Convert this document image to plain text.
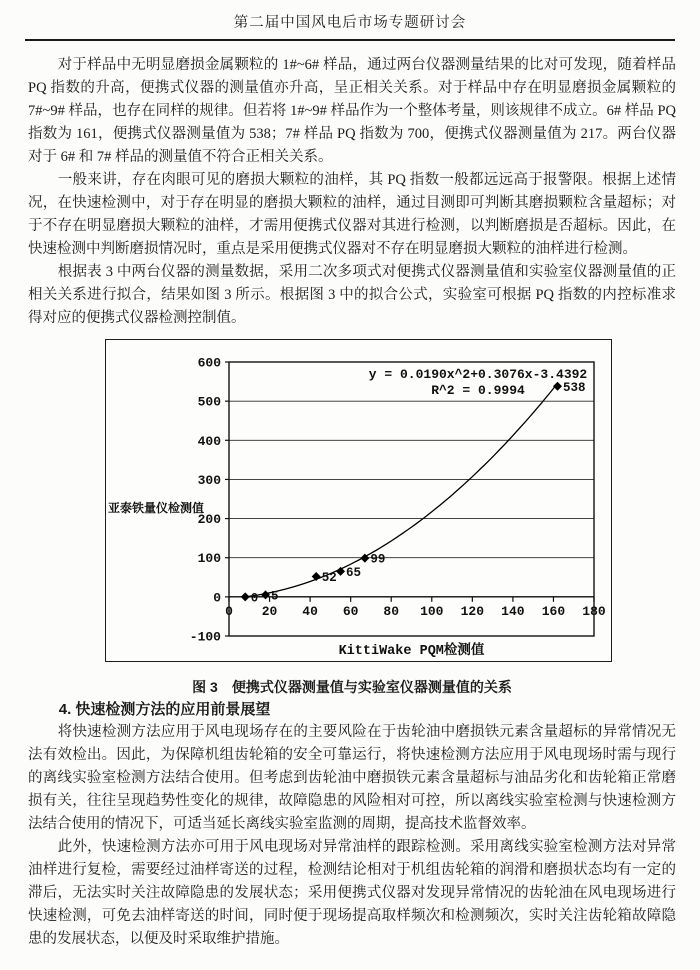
第二届中国风电后市场专题研讨会

对于样品中无明显磨损金属颗粒的 1#~6# 样品，通过两台仪器测量结果的比对可发现，随着样品 PQ 指数的升高，便携式仪器的测量值亦升高，呈正相关关系。对于样品中存在明显磨损金属颗粒的 7#~9# 样品，也存在同样的规律。但若将 1#~9# 样品作为一个整体考量，则该规律不成立。6# 样品 PQ 指数为 161，便携式仪器测量值为 538；7# 样品 PQ 指数为 700，便携式仪器测量值为 217。两台仪器对于 6# 和 7# 样品的测量值不符合正相关关系。

一般来讲，存在肉眼可见的磨损大颗粒的油样，其 PQ 指数一般都远远高于报警限。根据上述情况，在快速检测中，对于存在明显的磨损大颗粒的油样，通过目测即可判断其磨损颗粒含量超标；对于不存在明显磨损大颗粒的油样，才需用便携式仪器对其进行检测，以判断磨损是否超标。因此，在快速检测中判断磨损情况时，重点是采用便携式仪器对不存在明显磨损大颗粒的油样进行检测。

根据表 3 中两台仪器的测量数据，采用二次多项式对便携式仪器测量值和实验室仪器测量值的正相关关系进行拟合，结果如图 3 所示。根据图 3 中的拟合公式，实验室可根据 PQ 指数的内控标准求得对应的便携式仪器检测控制值。

-100
0
100
200
300
400
500
600
0 20 40 60 80 100 120 140 160 180
0 5
52 65
99
538
y = 0.0190x^2+0.3076x-3.4392
R^2 = 0.9994
KittiWake PQM检测值
亚泰铁量仪检测值
图 3　便携式仪器测量值与实验室仪器测量值的关系

4. 快速检测方法的应用前景展望

将快速检测方法应用于风电现场存在的主要风险在于齿轮油中磨损铁元素含量超标的异常情况无法有效检出。因此，为保障机组齿轮箱的安全可靠运行，将快速检测方法应用于风电现场时需与现行的离线实验室检测方法结合使用。但考虑到齿轮油中磨损铁元素含量超标与油品劣化和齿轮箱正常磨损有关，往往呈现趋势性变化的规律，故障隐患的风险相对可控，所以离线实验室检测与快速检测方法结合使用的情况下，可适当延长离线实验室监测的周期，提高技术监督效率。

此外，快速检测方法亦可用于风电现场对异常油样的跟踪检测。采用离线实验室检测方法对异常油样进行复检，需要经过油样寄送的过程，检测结论相对于机组齿轮箱的润滑和磨损状态均有一定的滞后，无法实时关注故障隐患的发展状态；采用便携式仪器对发现异常情况的齿轮油在风电现场进行快速检测，可免去油样寄送的时间，同时便于现场提高取样频次和检测频次，实时关注齿轮箱故障隐患的发展状态，以便及时采取维护措施。
